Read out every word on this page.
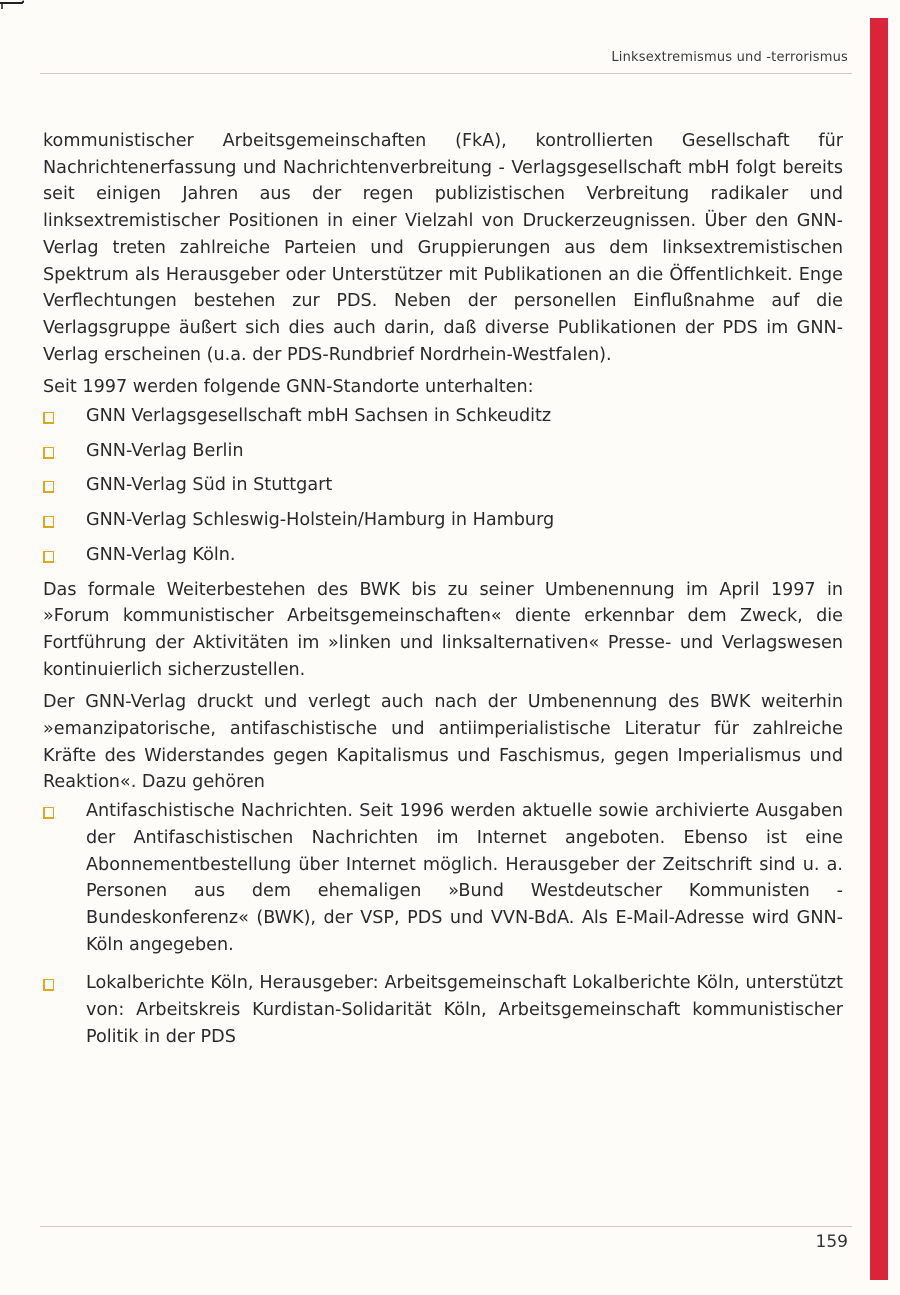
Linksextremismus und -terrorismus

kommunistischer Arbeitsgemeinschaften (FkA), kontrollierten Gesellschaft für Nachrichtenerfassung und Nachrichtenverbreitung - Verlagsgesellschaft mbH folgt bereits seit einigen Jahren aus der regen publizistischen Verbreitung radikaler und linksextremistischer Positionen in einer Vielzahl von Druckerzeugnissen. Über den GNN-Verlag treten zahlreiche Parteien und Gruppierungen aus dem linksextremistischen Spektrum als Herausgeber oder Unterstützer mit Publikationen an die Öffentlichkeit. Engе Verflechtungen bestehen zur PDS. Neben der personellen Einflußnahme auf die Verlagsgruppe äußert sich dies auch darin, daß diverse Publikationen der PDS im GNN-Verlag erscheinen (u.a. der PDS-Rundbrief Nordrhein-Westfalen).

Seit 1997 werden folgende GNN-Standorte unterhalten:

GNN Verlagsgesellschaft mbH Sachsen in Schkeuditz
GNN-Verlag Berlin
GNN-Verlag Süd in Stuttgart
GNN-Verlag Schleswig-Holstein/Hamburg in Hamburg
GNN-Verlag Köln.

Das formale Weiterbestehen des BWK bis zu seiner Umbenennung im April 1997 in »Forum kommunistischer Arbeitsgemeinschaften« diente erkennbar dem Zweck, die Fortführung der Aktivitäten im »linken und linksalternativen« Presse- und Verlagswesen kontinuierlich sicherzustellen.

Der GNN-Verlag druckt und verlegt auch nach der Umbenennung des BWK weiterhin »emanzipatorische, antifaschistische und antiimperialistische Literatur für zahlreiche Kräfte des Widerstandes gegen Kapitalismus und Faschismus, gegen Imperialismus und Reaktion«. Dazu gehören

Antifaschistische Nachrichten. Seit 1996 werden aktuelle sowie archivierte Ausgaben der Antifaschistischen Nachrichten im Internet angeboten. Ebenso ist eine Abonnementbestellung über Internet möglich. Herausgeber der Zeitschrift sind u. a. Personen aus dem ehemaligen »Bund Westdeutscher Kommunisten - Bundeskonferenz« (BWK), der VSP, PDS und VVN-BdA. Als E-Mail-Adresse wird GNN-Köln angegeben.
Lokalberichte Köln, Herausgeber: Arbeitsgemeinschaft Lokalberichte Köln, unterstützt von: Arbeitskreis Kurdistan-Solidarität Köln, Arbeitsgemeinschaft kommunistischer Politik in der PDS
159
